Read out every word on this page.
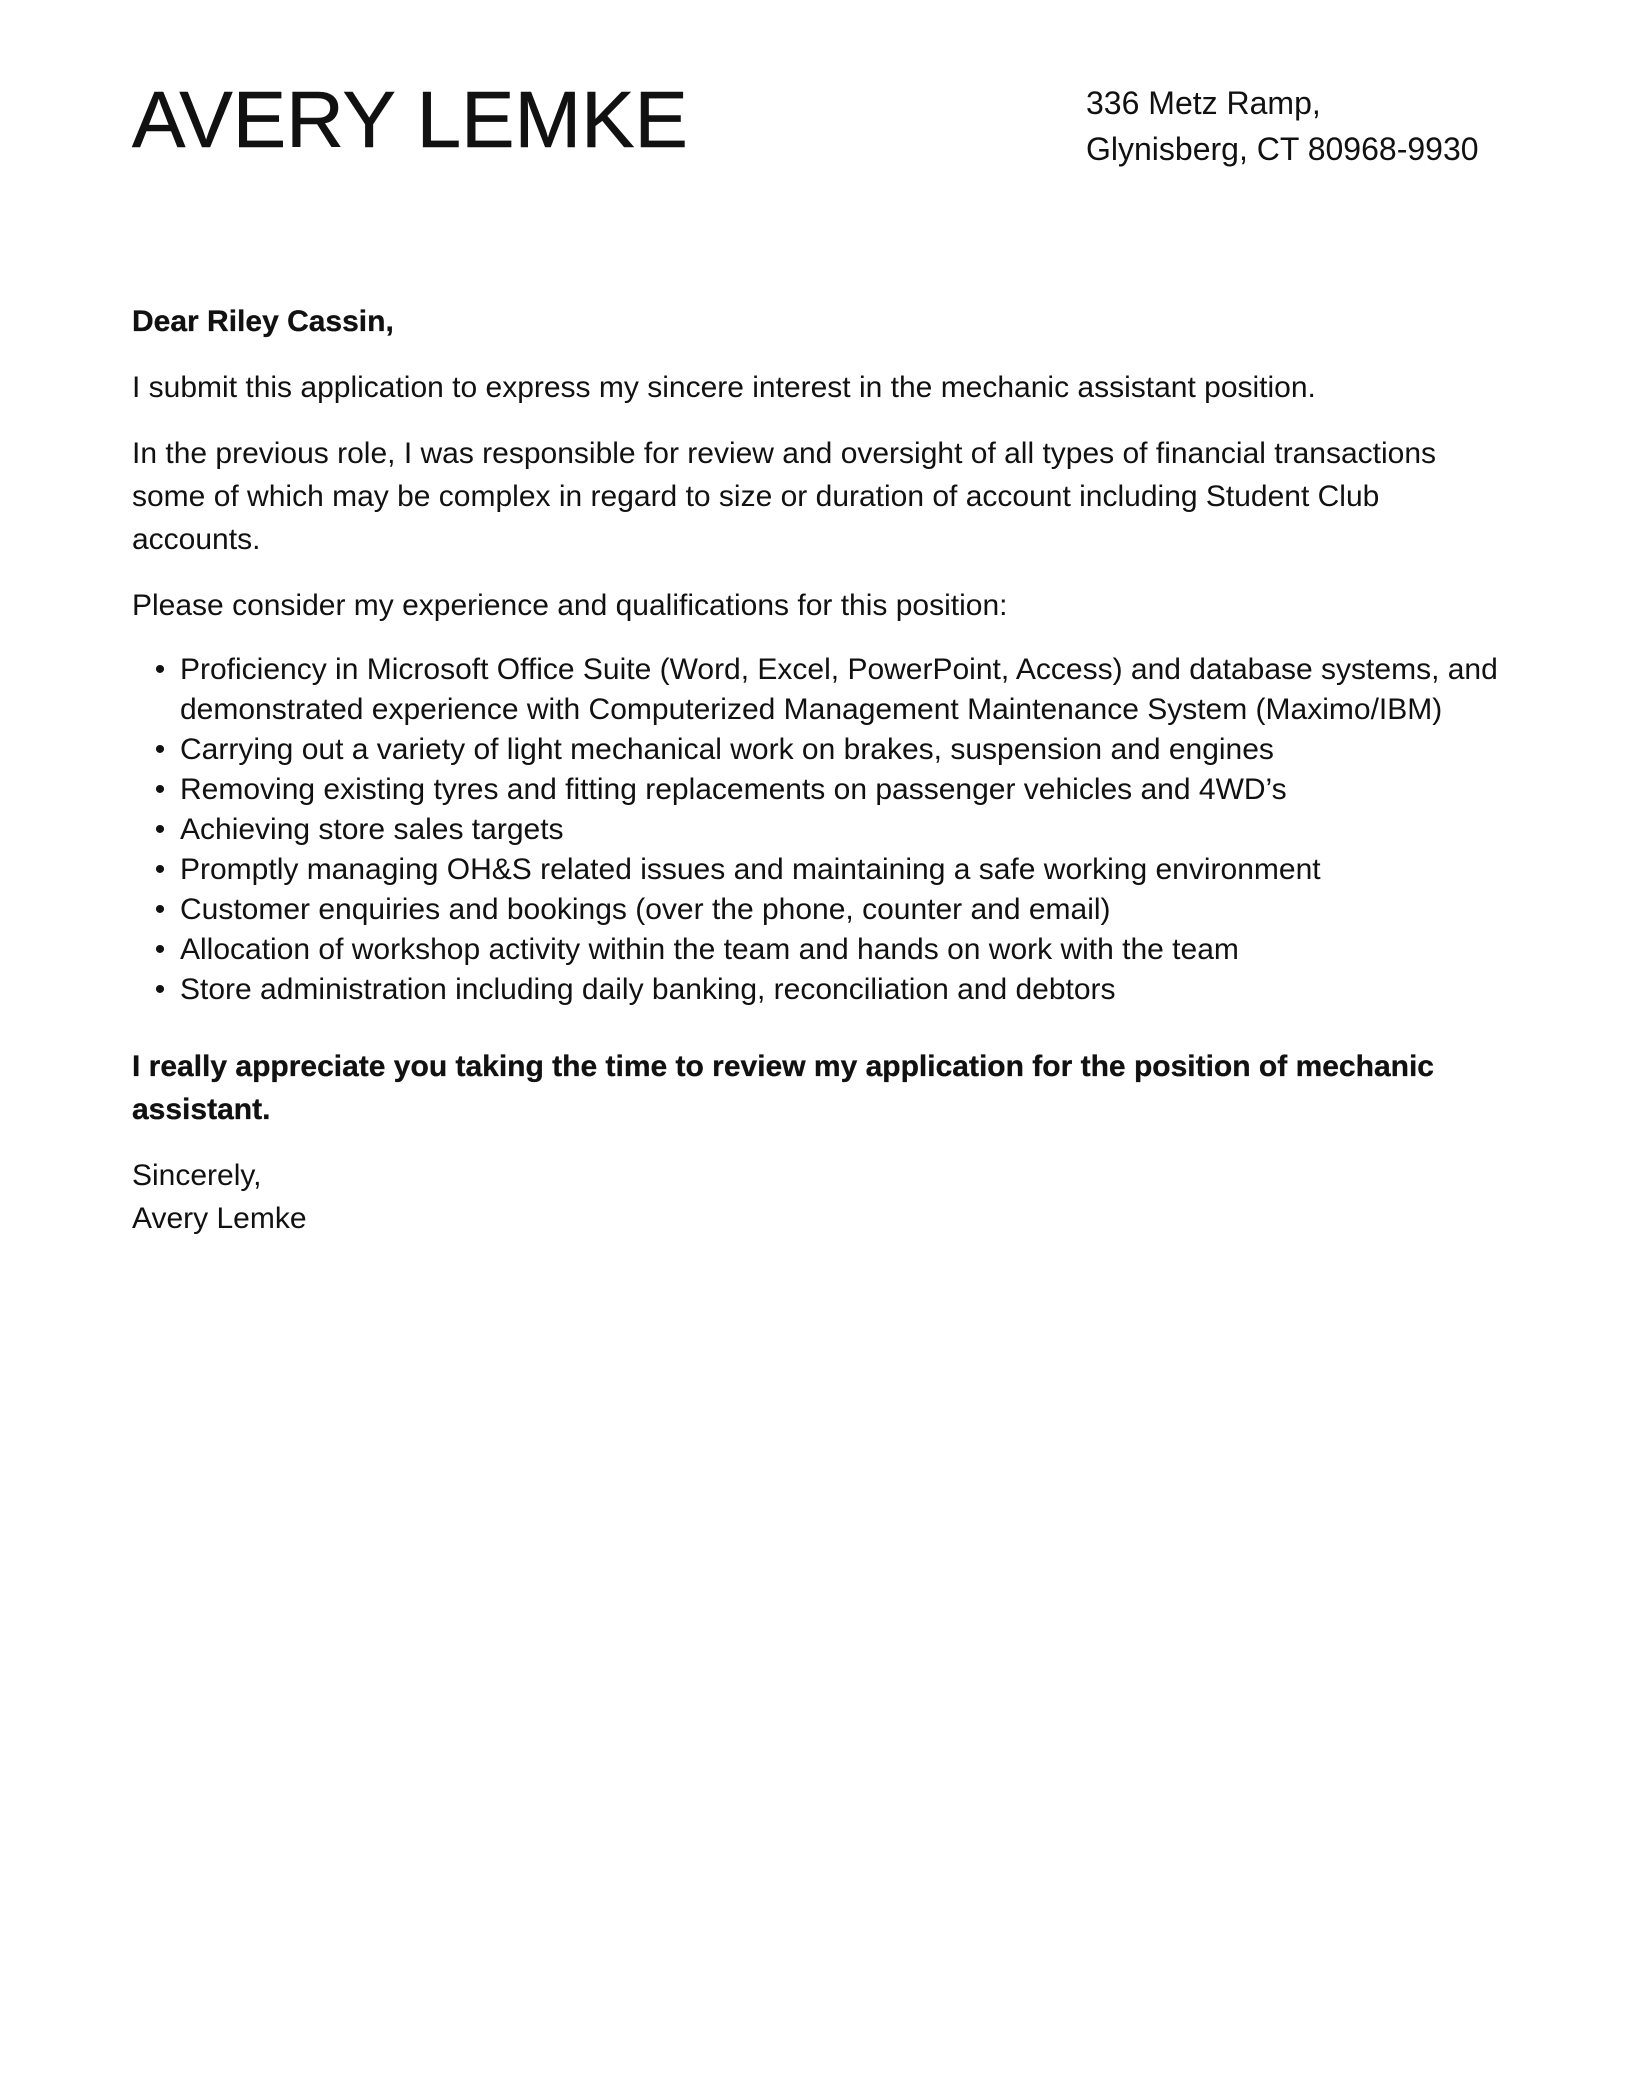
AVERY LEMKE	336 Metz Ramp,
Glynisberg, CT 80968-9930

Dear Riley Cassin,

I submit this application to express my sincere interest in the mechanic assistant position.

In the previous role, I was responsible for review and oversight of all types of financial transactions some of which may be complex in regard to size or duration of account including Student Club accounts.

Please consider my experience and qualifications for this position:

• Proficiency in Microsoft Office Suite (Word, Excel, PowerPoint, Access) and database systems, and demonstrated experience with Computerized Management Maintenance System (Maximo/IBM)
• Carrying out a variety of light mechanical work on brakes, suspension and engines
• Removing existing tyres and fitting replacements on passenger vehicles and 4WD’s
• Achieving store sales targets
• Promptly managing OH&S related issues and maintaining a safe working environment
• Customer enquiries and bookings (over the phone, counter and email)
• Allocation of workshop activity within the team and hands on work with the team
• Store administration including daily banking, reconciliation and debtors

I really appreciate you taking the time to review my application for the position of mechanic assistant.

Sincerely,
Avery Lemke
